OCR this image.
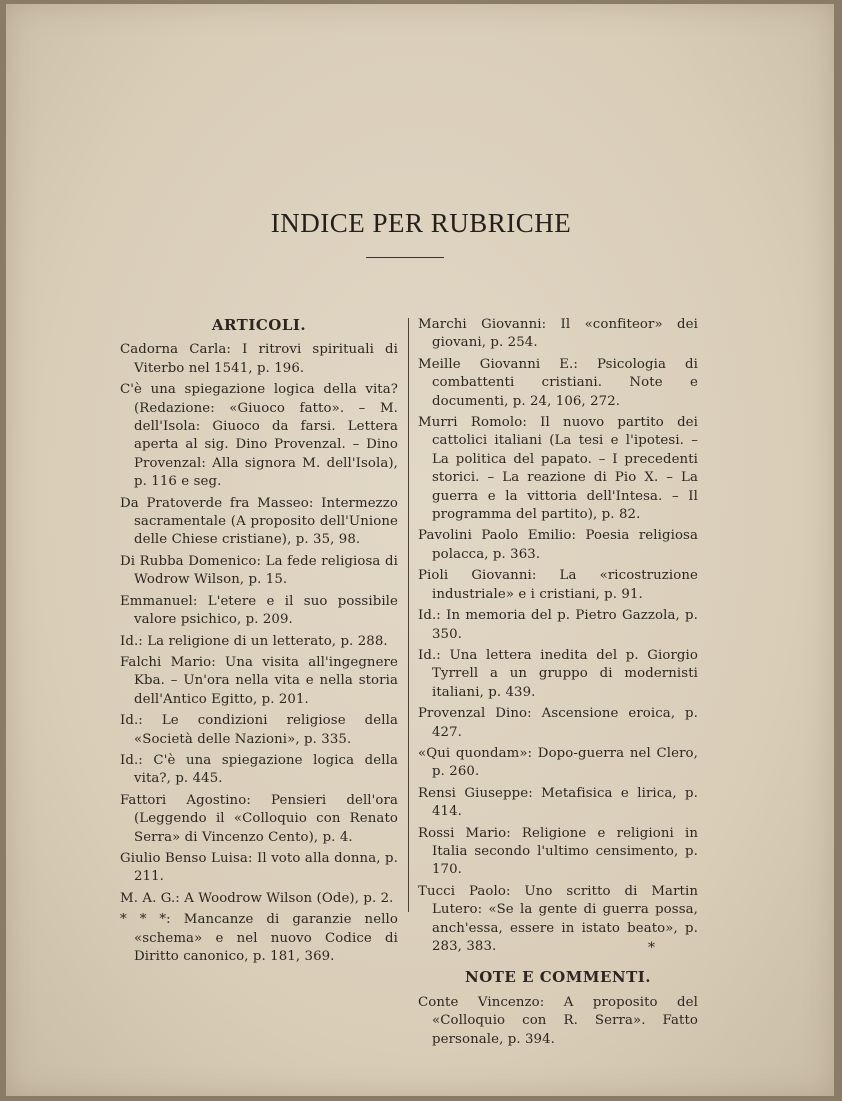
INDICE PER RUBRICHE
ARTICOLI.

Cadorna Carla: I ritrovi spirituali di Viterbo nel 1541, p. 196.

C'è una spiegazione logica della vita? (Redazione: «Giuoco fatto». – M. dell'Isola: Giuoco da farsi. Lettera aperta al sig. Dino Provenzal. – Dino Provenzal: Alla signora M. dell'Isola), p. 116 e seg.

Da Pratoverde fra Masseo: Intermezzo sacramentale (A proposito dell'Unione delle Chiese cristiane), p. 35, 98.

Di Rubba Domenico: La fede religiosa di Wodrow Wilson, p. 15.

Emmanuel: L'etere e il suo possibile valore psichico, p. 209.

Id.: La religione di un letterato, p. 288.

Falchi Mario: Una visita all'ingegnere Kba. – Un'ora nella vita e nella storia dell'Antico Egitto, p. 201.

Id.: Le condizioni religiose della «Società delle Nazioni», p. 335.

Id.: C'è una spiegazione logica della vita?, p. 445.

Fattori Agostino: Pensieri dell'ora (Leggendo il «Colloquio con Renato Serra» di Vincenzo Cento), p. 4.

Giulio Benso Luisa: Il voto alla donna, p. 211.

M. A. G.: A Woodrow Wilson (Ode), p. 2.

* * *: Mancanze di garanzie nello «schema» e nel nuovo Codice di Diritto canonico, p. 181, 369.

Marchi Giovanni: Il «confiteor» dei giovani, p. 254.

Meille Giovanni E.: Psicologia di combattenti cristiani. Note e documenti, p. 24, 106, 272.

Murri Romolo: Il nuovo partito dei cattolici italiani (La tesi e l'ipotesi. – La politica del papato. – I precedenti storici. – La reazione di Pio X. – La guerra e la vittoria dell'Intesa. – Il programma del partito), p. 82.

Pavolini Paolo Emilio: Poesia religiosa polacca, p. 363.

Pioli Giovanni: La «ricostruzione industriale» e i cristiani, p. 91.

Id.: In memoria del p. Pietro Gazzola, p. 350.

Id.: Una lettera inedita del p. Giorgio Tyrrell a un gruppo di modernisti italiani, p. 439.

Provenzal Dino: Ascensione eroica, p. 427.

«Qui quondam»: Dopo-guerra nel Clero, p. 260.

Rensi Giuseppe: Metafisica e lirica, p. 414.

Rossi Mario: Religione e religioni in Italia secondo l'ultimo censimento, p. 170.

Tucci Paolo: Uno scritto di Martin Lutero: «Se la gente di guerra possa, anch'essa, essere in istato beato», p. 283, 383.

NOTE E COMMENTI.

Conte Vincenzo: A proposito del «Colloquio con R. Serra». Fatto personale, p. 394.

*
